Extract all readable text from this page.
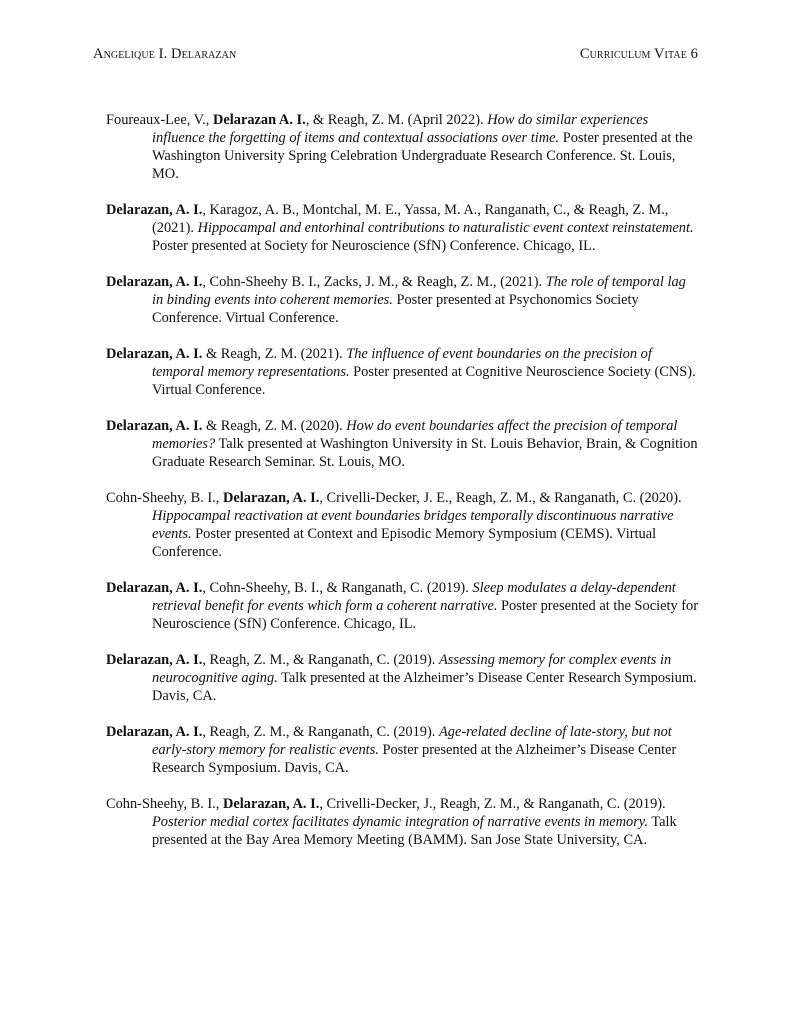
Angelique I. Delarazan	Curriculum Vitae 6

Foureaux-Lee, V., Delarazan A. I., & Reagh, Z. M. (April 2022). How do similar experiences influence the forgetting of items and contextual associations over time. Poster presented at the Washington University Spring Celebration Undergraduate Research Conference. St. Louis, MO.

Delarazan, A. I., Karagoz, A. B., Montchal, M. E., Yassa, M. A., Ranganath, C., & Reagh, Z. M., (2021). Hippocampal and entorhinal contributions to naturalistic event context reinstatement. Poster presented at Society for Neuroscience (SfN) Conference. Chicago, IL.

Delarazan, A. I., Cohn-Sheehy B. I., Zacks, J. M., & Reagh, Z. M., (2021). The role of temporal lag in binding events into coherent memories. Poster presented at Psychonomics Society Conference. Virtual Conference.

Delarazan, A. I. & Reagh, Z. M. (2021). The influence of event boundaries on the precision of temporal memory representations. Poster presented at Cognitive Neuroscience Society (CNS). Virtual Conference.

Delarazan, A. I. & Reagh, Z. M. (2020). How do event boundaries affect the precision of temporal memories? Talk presented at Washington University in St. Louis Behavior, Brain, & Cognition Graduate Research Seminar. St. Louis, MO.

Cohn-Sheehy, B. I., Delarazan, A. I., Crivelli-Decker, J. E., Reagh, Z. M., & Ranganath, C. (2020). Hippocampal reactivation at event boundaries bridges temporally discontinuous narrative events. Poster presented at Context and Episodic Memory Symposium (CEMS). Virtual Conference.

Delarazan, A. I., Cohn-Sheehy, B. I., & Ranganath, C. (2019). Sleep modulates a delay-dependent retrieval benefit for events which form a coherent narrative. Poster presented at the Society for Neuroscience (SfN) Conference. Chicago, IL.

Delarazan, A. I., Reagh, Z. M., & Ranganath, C. (2019). Assessing memory for complex events in neurocognitive aging. Talk presented at the Alzheimer’s Disease Center Research Symposium. Davis, CA.

Delarazan, A. I., Reagh, Z. M., & Ranganath, C. (2019). Age-related decline of late-story, but not early-story memory for realistic events. Poster presented at the Alzheimer’s Disease Center Research Symposium. Davis, CA.

Cohn-Sheehy, B. I., Delarazan, A. I., Crivelli-Decker, J., Reagh, Z. M., & Ranganath, C. (2019). Posterior medial cortex facilitates dynamic integration of narrative events in memory. Talk presented at the Bay Area Memory Meeting (BAMM). San Jose State University, CA.
